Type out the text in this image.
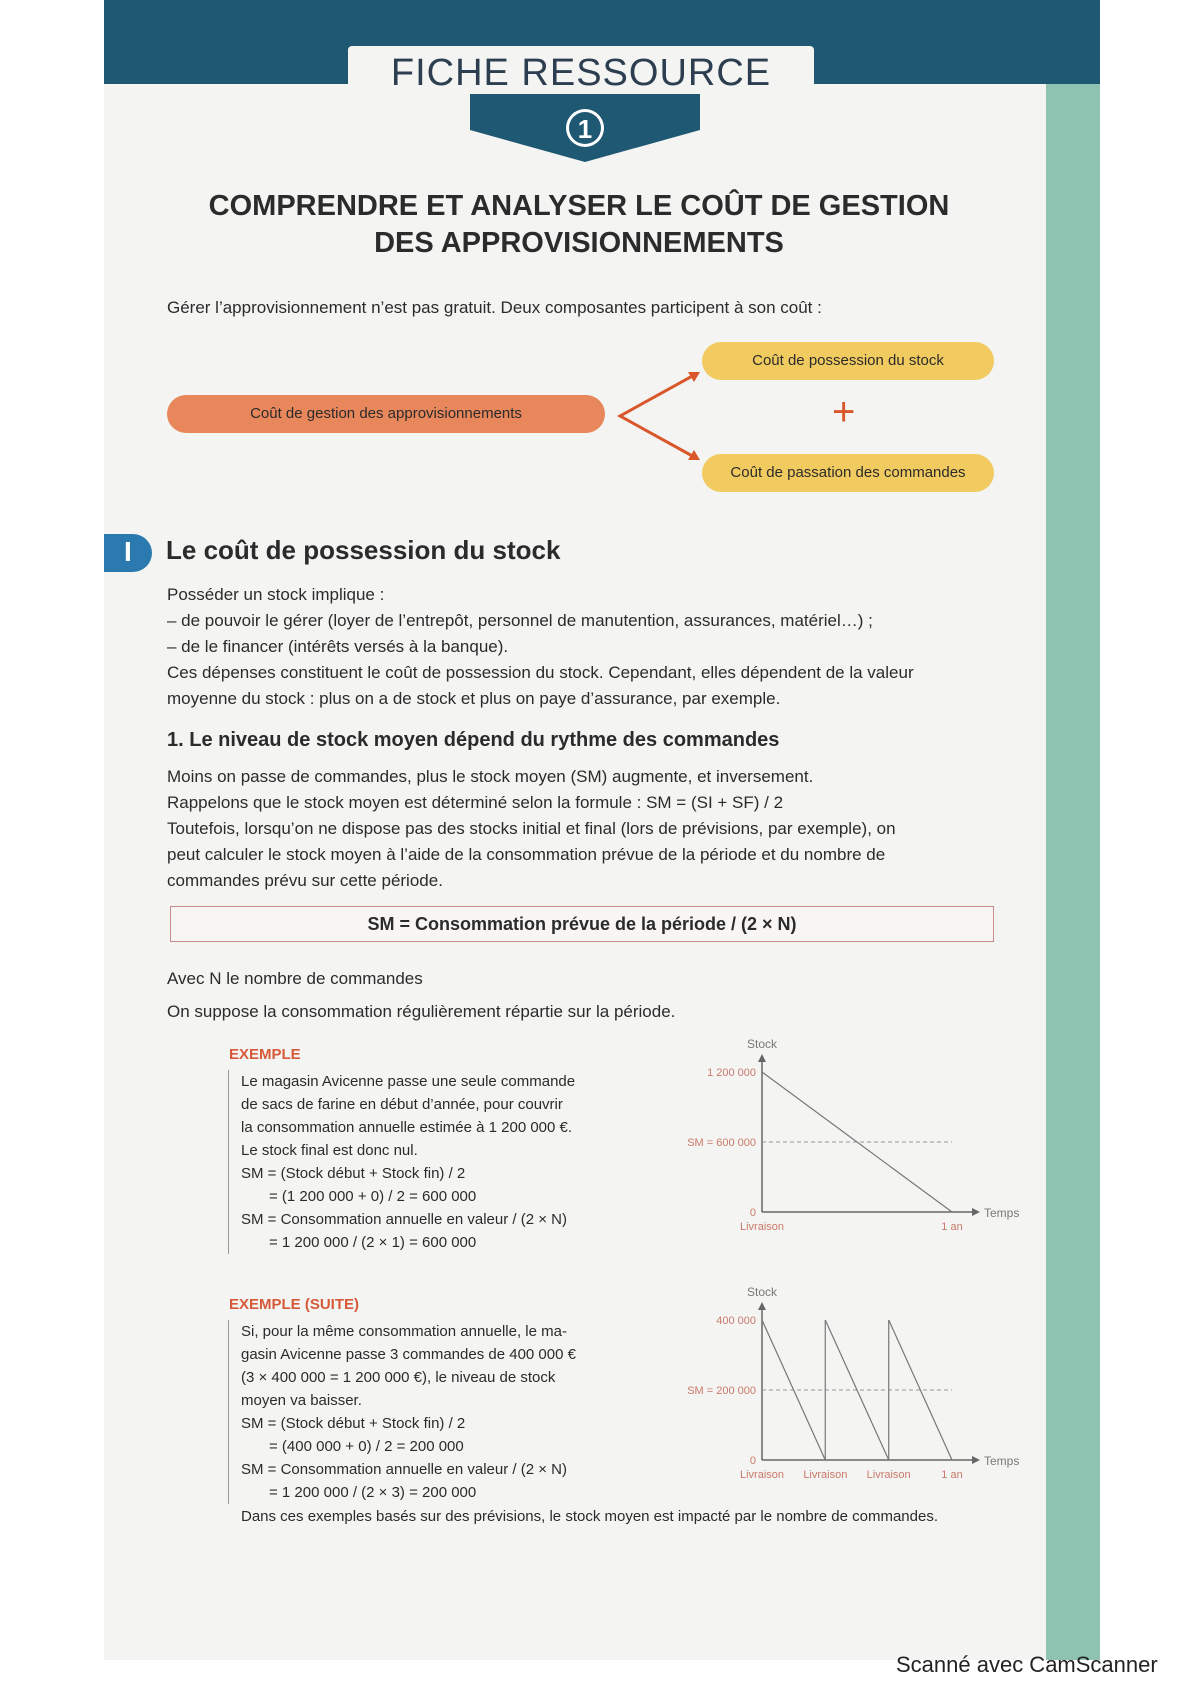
FICHE RESSOURCE
1
COMPRENDRE ET ANALYSER LE COÛT DE GESTION
DES APPROVISIONNEMENTS
Gérer l’approvisionnement n’est pas gratuit. Deux composantes participent à son coût :
Coût de gestion des approvisionnements
Coût de possession du stock
+
Coût de passation des commandes
I Le coût de possession du stock
Posséder un stock implique :
– de pouvoir le gérer (loyer de l’entrepôt, personnel de manutention, assurances, matériel…) ;
– de le financer (intérêts versés à la banque).
Ces dépenses constituent le coût de possession du stock. Cependant, elles dépendent de la valeur
moyenne du stock : plus on a de stock et plus on paye d’assurance, par exemple.
1. Le niveau de stock moyen dépend du rythme des commandes
Moins on passe de commandes, plus le stock moyen (SM) augmente, et inversement.
Rappelons que le stock moyen est déterminé selon la formule : SM = (SI + SF) / 2
Toutefois, lorsqu’on ne dispose pas des stocks initial et final (lors de prévisions, par exemple), on
peut calculer le stock moyen à l’aide de la consommation prévue de la période et du nombre de
commandes prévu sur cette période.
SM = Consommation prévue de la période / (2 × N)
Avec N le nombre de commandes
On suppose la consommation régulièrement répartie sur la période.
EXEMPLE
Le magasin Avicenne passe une seule commande
de sacs de farine en début d’année, pour couvrir
la consommation annuelle estimée à 1 200 000 €.
Le stock final est donc nul.
SM = (Stock début + Stock fin) / 2
= (1 200 000 + 0) / 2 = 600 000
SM = Consommation annuelle en valeur / (2 × N)
= 1 200 000 / (2 × 1) = 600 000
Stock
Temps
1 200 000
SM = 600 000
0
Livraison	1 an
EXEMPLE (SUITE)
Si, pour la même consommation annuelle, le ma-
gasin Avicenne passe 3 commandes de 400 000 €
(3 × 400 000 = 1 200 000 €), le niveau de stock
moyen va baisser.
SM = (Stock début + Stock fin) / 2
= (400 000 + 0) / 2 = 200 000
SM = Consommation annuelle en valeur / (2 × N)
= 1 200 000 / (2 × 3) = 200 000
Stock
Temps
400 000
SM = 200 000
0
Livraison Livraison Livraison	1 an
Dans ces exemples basés sur des prévisions, le stock moyen est impacté par le nombre de commandes.
Scanné avec CamScanner
